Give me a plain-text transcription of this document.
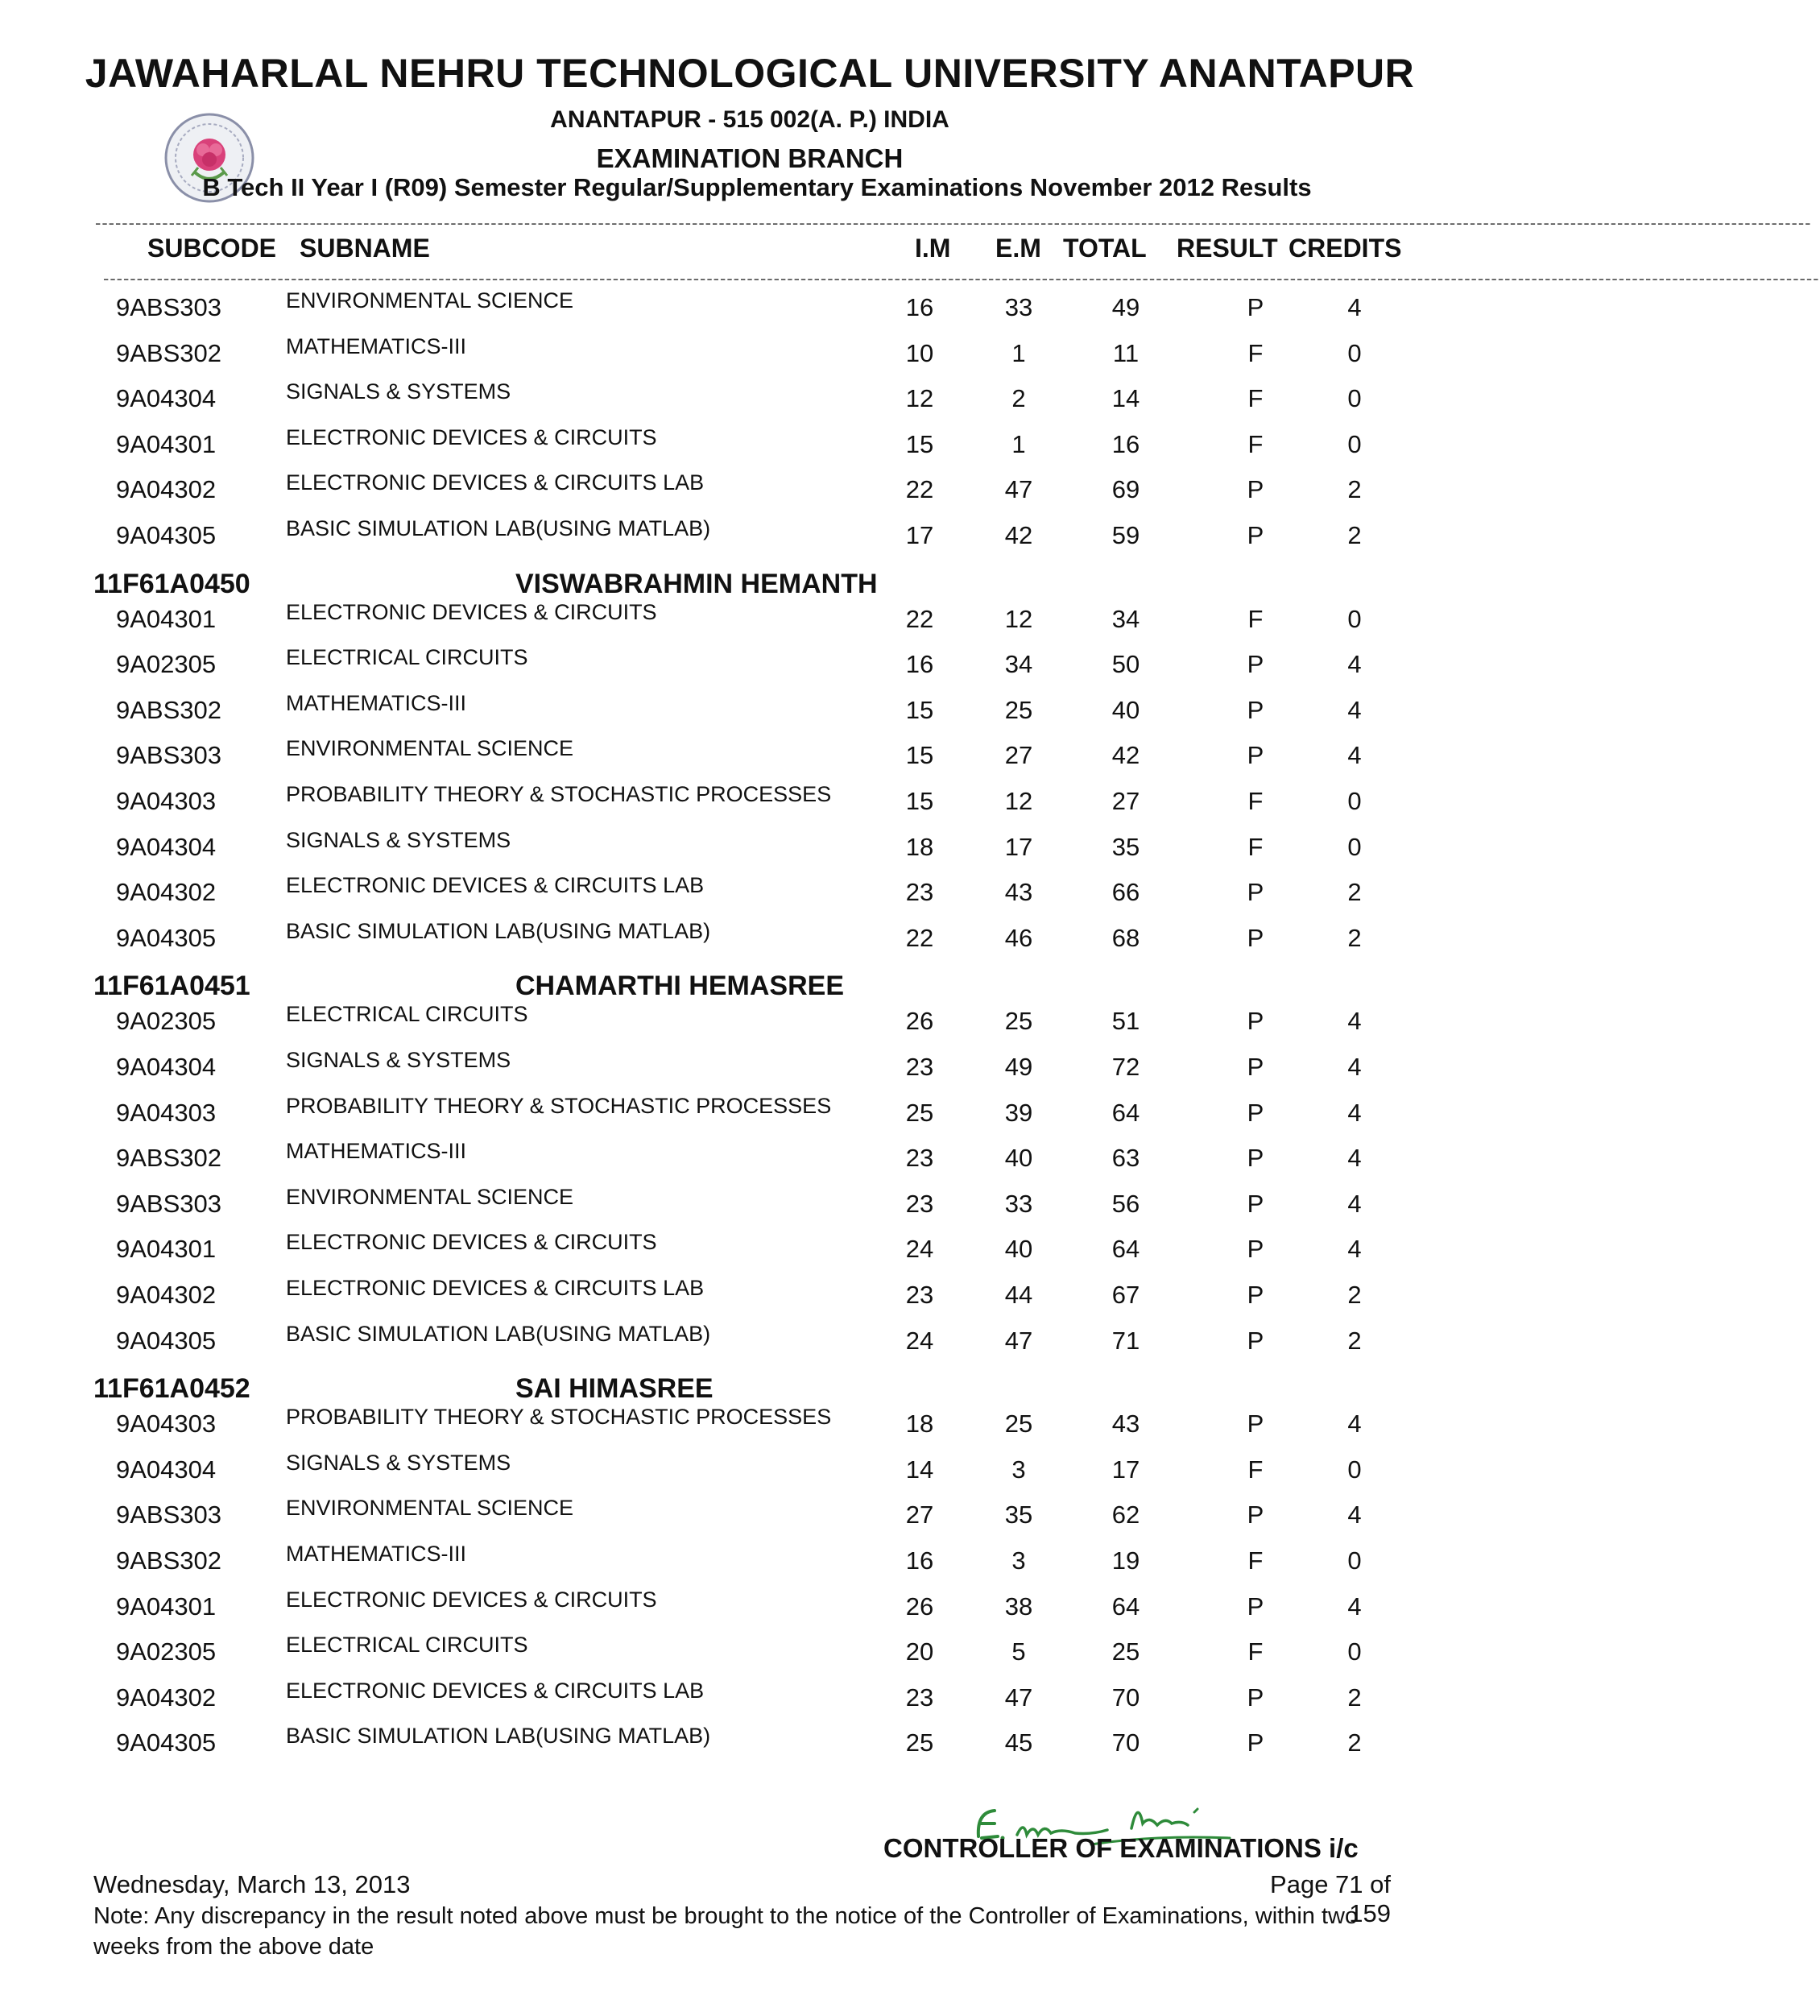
JAWAHARLAL NEHRU TECHNOLOGICAL UNIVERSITY ANANTAPUR
ANANTAPUR - 515 002(A. P.) INDIA
EXAMINATION BRANCH
B Tech II Year I (R09) Semester Regular/Supplementary Examinations November 2012 Results
----------------------------------------------------------------------------------------------------------------------------------------------------------------------------------------------------------------------------------------------------------------
SUBCODE SUBNAME	I.M E.M TOTAL RESULT CREDITS
----------------------------------------------------------------------------------------------------------------------------------------------------------------------------------------------------------------------------------------------------------------
9ABS303	ENVIRONMENTAL SCIENCE	16	33	49	P	4
9ABS302	MATHEMATICS-III	10	1	11	F	0
9A04304	SIGNALS & SYSTEMS	12	2	14	F	0
9A04301	ELECTRONIC DEVICES & CIRCUITS	15	1	16	F	0
9A04302	ELECTRONIC DEVICES & CIRCUITS LAB	22	47	69	P	2
9A04305	BASIC SIMULATION LAB(USING MATLAB)	17	42	59	P	2
11F61A0450	VISWABRAHMIN HEMANTH
9A04301	ELECTRONIC DEVICES & CIRCUITS	22	12	34	F	0
9A02305	ELECTRICAL CIRCUITS	16	34	50	P	4
9ABS302	MATHEMATICS-III	15	25	40	P	4
9ABS303	ENVIRONMENTAL SCIENCE	15	27	42	P	4
9A04303	PROBABILITY THEORY & STOCHASTIC PROCESSES	15	12	27	F	0
9A04304	SIGNALS & SYSTEMS	18	17	35	F	0
9A04302	ELECTRONIC DEVICES & CIRCUITS LAB	23	43	66	P	2
9A04305	BASIC SIMULATION LAB(USING MATLAB)	22	46	68	P	2
11F61A0451	CHAMARTHI HEMASREE
9A02305	ELECTRICAL CIRCUITS	26	25	51	P	4
9A04304	SIGNALS & SYSTEMS	23	49	72	P	4
9A04303	PROBABILITY THEORY & STOCHASTIC PROCESSES	25	39	64	P	4
9ABS302	MATHEMATICS-III	23	40	63	P	4
9ABS303	ENVIRONMENTAL SCIENCE	23	33	56	P	4
9A04301	ELECTRONIC DEVICES & CIRCUITS	24	40	64	P	4
9A04302	ELECTRONIC DEVICES & CIRCUITS LAB	23	44	67	P	2
9A04305	BASIC SIMULATION LAB(USING MATLAB)	24	47	71	P	2
11F61A0452	SAI HIMASREE
9A04303	PROBABILITY THEORY & STOCHASTIC PROCESSES	18	25	43	P	4
9A04304	SIGNALS & SYSTEMS	14	3	17	F	0
9ABS303	ENVIRONMENTAL SCIENCE	27	35	62	P	4
9ABS302	MATHEMATICS-III	16	3	19	F	0
9A04301	ELECTRONIC DEVICES & CIRCUITS	26	38	64	P	4
9A02305	ELECTRICAL CIRCUITS	20	5	25	F	0
9A04302	ELECTRONIC DEVICES & CIRCUITS LAB	23	47	70	P	2
9A04305	BASIC SIMULATION LAB(USING MATLAB)	25	45	70	P	2
CONTROLLER OF EXAMINATIONS i/c
Wednesday, March 13, 2013	Page 71 of 159
Note: Any discrepancy in the result noted above must be brought to the notice of the Controller of Examinations, within two weeks from the above date
